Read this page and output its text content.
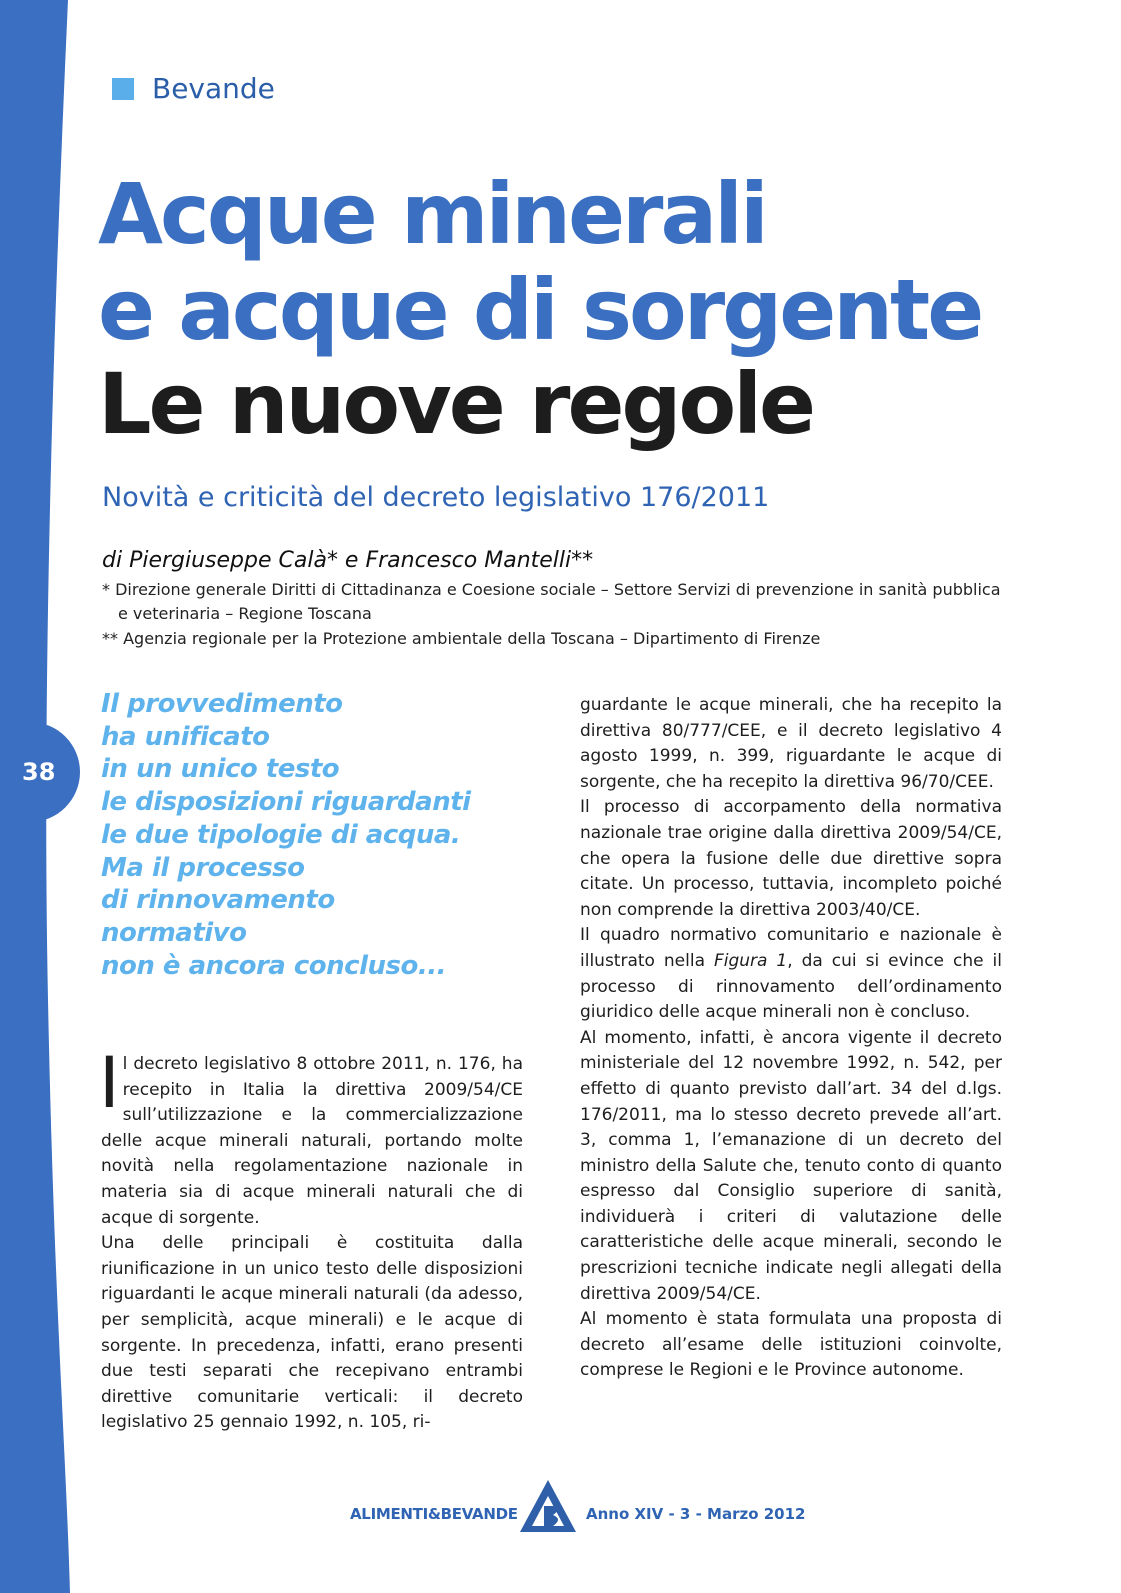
38
Bevande
Acque minerali
e acque di sorgente
Le nuove regole
Novità e criticità del decreto legislativo 176/2011
di Piergiuseppe Calà* e Francesco Mantelli**
* Direzione generale Diritti di Cittadinanza e Coesione sociale – Settore Servizi di prevenzione in sanità pubblica
e veterinaria – Regione Toscana
** Agenzia regionale per la Protezione ambientale della Toscana – Dipartimento di Firenze
Il provvedimento
ha unificato
in un unico testo
le disposizioni riguardanti
le due tipologie di acqua.
Ma il processo
di rinnovamento
normativo
non è ancora concluso...

Il decreto legislativo 8 ottobre 2011, n. 176, ha recepito in Italia la direttiva 2009/54/CE sull’utilizzazione e la commercializzazione delle acque minerali naturali, portando molte novità nella regolamentazione nazionale in materia sia di acque minerali naturali che di acque di sorgente.

Una delle principali è costituita dalla riunificazione in un unico testo delle disposizioni riguardanti le acque minerali naturali (da adesso, per semplicità, acque minerali) e le acque di sorgente. In precedenza, infatti, erano presenti due testi separati che recepivano entrambi direttive comunitarie verticali: il decreto legislativo 25 gennaio 1992, n. 105, ri-

guardante le acque minerali, che ha recepito la direttiva 80/777/CEE, e il decreto legislativo 4 agosto 1999, n. 399, riguardante le acque di sorgente, che ha recepito la direttiva 96/70/CEE.

Il processo di accorpamento della normativa nazionale trae origine dalla direttiva 2009/54/CE, che opera la fusione delle due direttive sopra citate. Un processo, tuttavia, incompleto poiché non comprende la direttiva 2003/40/CE.

Il quadro normativo comunitario e nazionale è illustrato nella Figura 1, da cui si evince che il processo di rinnovamento dell’ordinamento giuridico delle acque minerali non è concluso.

Al momento, infatti, è ancora vigente il decreto ministeriale del 12 novembre 1992, n. 542, per effetto di quanto previsto dall’art. 34 del d.lgs. 176/2011, ma lo stesso decreto prevede all’art. 3, comma 1, l’emanazione di un decreto del ministro della Salute che, tenuto conto di quanto espresso dal Consiglio superiore di sanità, individuerà i criteri di valutazione delle caratteristiche delle acque minerali, secondo le prescrizioni tecniche indicate negli allegati della direttiva 2009/54/CE.

Al momento è stata formulata una proposta di decreto all’esame delle istituzioni coinvolte, comprese le Regioni e le Province autonome.

ALIMENTI&BEVANDE	Anno XIV - 3 - Marzo 2012
